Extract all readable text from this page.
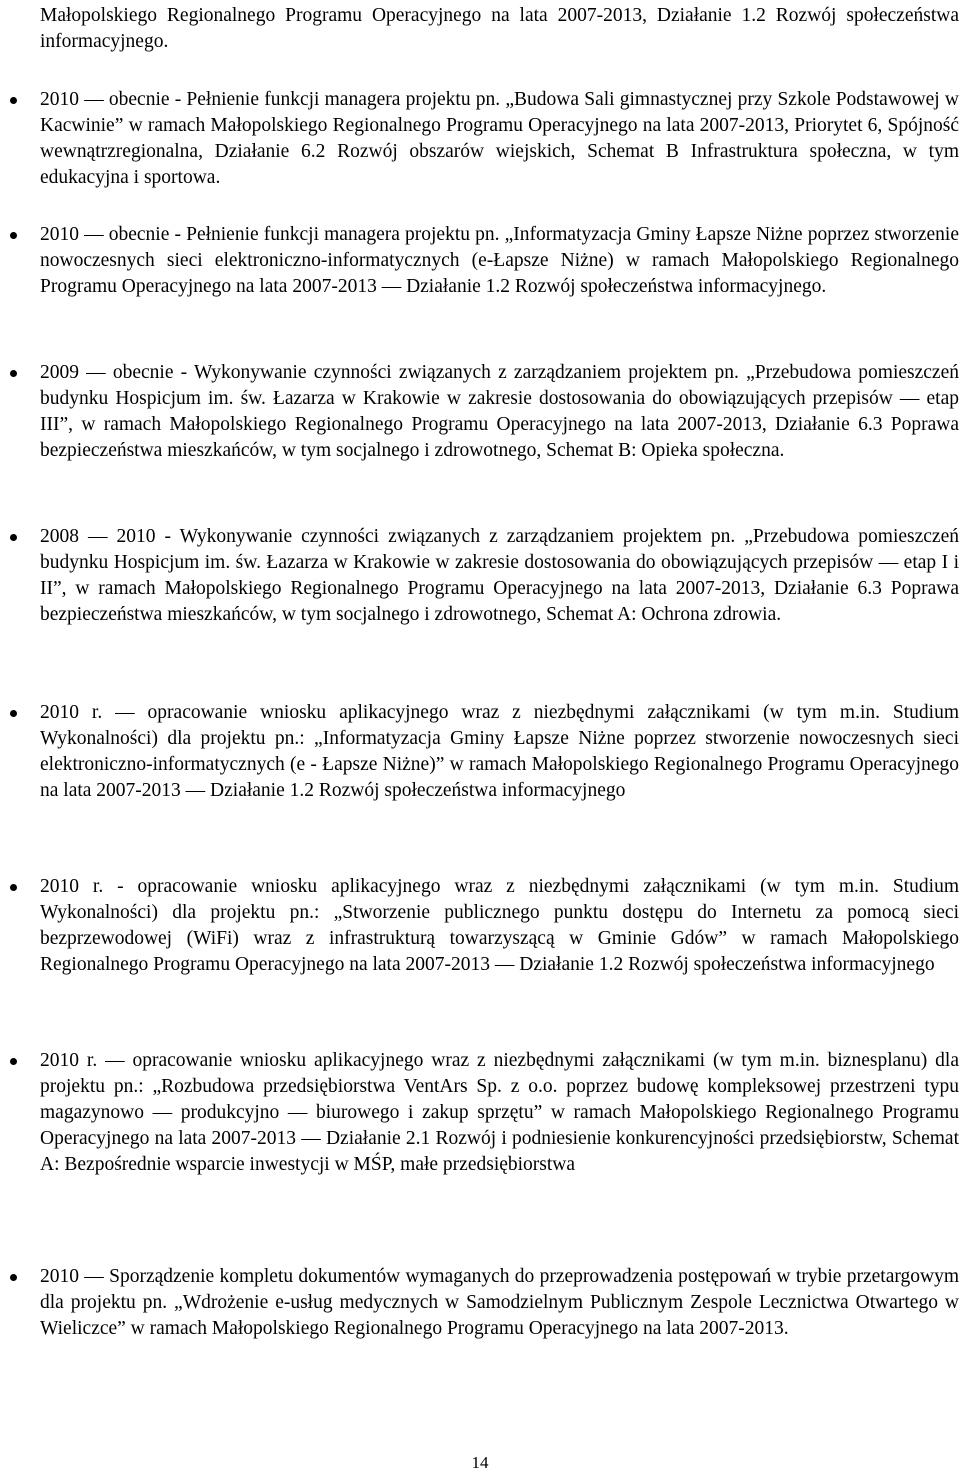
Małopolskiego Regionalnego Programu Operacyjnego na lata 2007-2013, Działanie 1.2 Rozwój społeczeństwa informacyjnego.

2010 ― obecnie - Pełnienie funkcji managera projektu pn. „Budowa Sali gimnastycznej przy Szkole Podstawowej w Kacwinie” w ramach Małopolskiego Regionalnego Programu Operacyjnego na lata 2007-2013, Priorytet 6, Spójność wewnątrzregionalna, Działanie 6.2 Rozwój obszarów wiejskich, Schemat B Infrastruktura społeczna, w tym edukacyjna i sportowa.

2010 ― obecnie - Pełnienie funkcji managera projektu pn. „Informatyzacja Gminy Łapsze Niżne poprzez stworzenie nowoczesnych sieci elektroniczno-informatycznych (e-Łapsze Niżne) w ramach Małopolskiego Regionalnego Programu Operacyjnego na lata 2007-2013 ― Działanie 1.2 Rozwój społeczeństwa informacyjnego.

2009 ― obecnie - Wykonywanie czynności związanych z zarządzaniem projektem pn. „Przebudowa pomieszczeń budynku Hospicjum im. św. Łazarza w Krakowie w zakresie dostosowania do obowiązujących przepisów ― etap III”, w ramach Małopolskiego Regionalnego Programu Operacyjnego na lata 2007-2013, Działanie 6.3 Poprawa bezpieczeństwa mieszkańców, w tym socjalnego i zdrowotnego, Schemat B: Opieka społeczna.

2008 ― 2010 - Wykonywanie czynności związanych z zarządzaniem projektem pn. „Przebudowa pomieszczeń budynku Hospicjum im. św. Łazarza w Krakowie w zakresie dostosowania do obowiązujących przepisów ― etap I i II”, w ramach Małopolskiego Regionalnego Programu Operacyjnego na lata 2007-2013, Działanie 6.3 Poprawa bezpieczeństwa mieszkańców, w tym socjalnego i zdrowotnego, Schemat A: Ochrona zdrowia.

2010 r. ― opracowanie wniosku aplikacyjnego wraz z niezbędnymi załącznikami (w tym m.in. Studium Wykonalności) dla projektu pn.: „Informatyzacja Gminy Łapsze Niżne poprzez stworzenie nowoczesnych sieci elektroniczno-informatycznych (e - Łapsze Niżne)” w ramach Małopolskiego Regionalnego Programu Operacyjnego na lata 2007-2013 ― Działanie 1.2 Rozwój społeczeństwa informacyjnego

2010 r. - opracowanie wniosku aplikacyjnego wraz z niezbędnymi załącznikami (w tym m.in. Studium Wykonalności) dla projektu pn.: „Stworzenie publicznego punktu dostępu do Internetu za pomocą sieci bezprzewodowej (WiFi) wraz z infrastrukturą towarzyszącą w Gminie Gdów” w ramach Małopolskiego Regionalnego Programu Operacyjnego na lata 2007-2013 ― Działanie 1.2 Rozwój społeczeństwa informacyjnego

2010 r. ― opracowanie wniosku aplikacyjnego wraz z niezbędnymi załącznikami (w tym m.in. biznesplanu) dla projektu pn.: „Rozbudowa przedsiębiorstwa VentArs Sp. z o.o. poprzez budowę kompleksowej przestrzeni typu magazynowo ― produkcyjno ― biurowego i zakup sprzętu” w ramach Małopolskiego Regionalnego Programu Operacyjnego na lata 2007-2013 ― Działanie 2.1 Rozwój i podniesienie konkurencyjności przedsiębiorstw, Schemat A: Bezpośrednie wsparcie inwestycji w MŚP, małe przedsiębiorstwa

2010 ― Sporządzenie kompletu dokumentów wymaganych do przeprowadzenia postępowań w trybie przetargowym dla projektu pn. „Wdrożenie e-usług medycznych w Samodzielnym Publicznym Zespole Lecznictwa Otwartego w Wieliczce” w ramach Małopolskiego Regionalnego Programu Operacyjnego na lata 2007-2013.

14
